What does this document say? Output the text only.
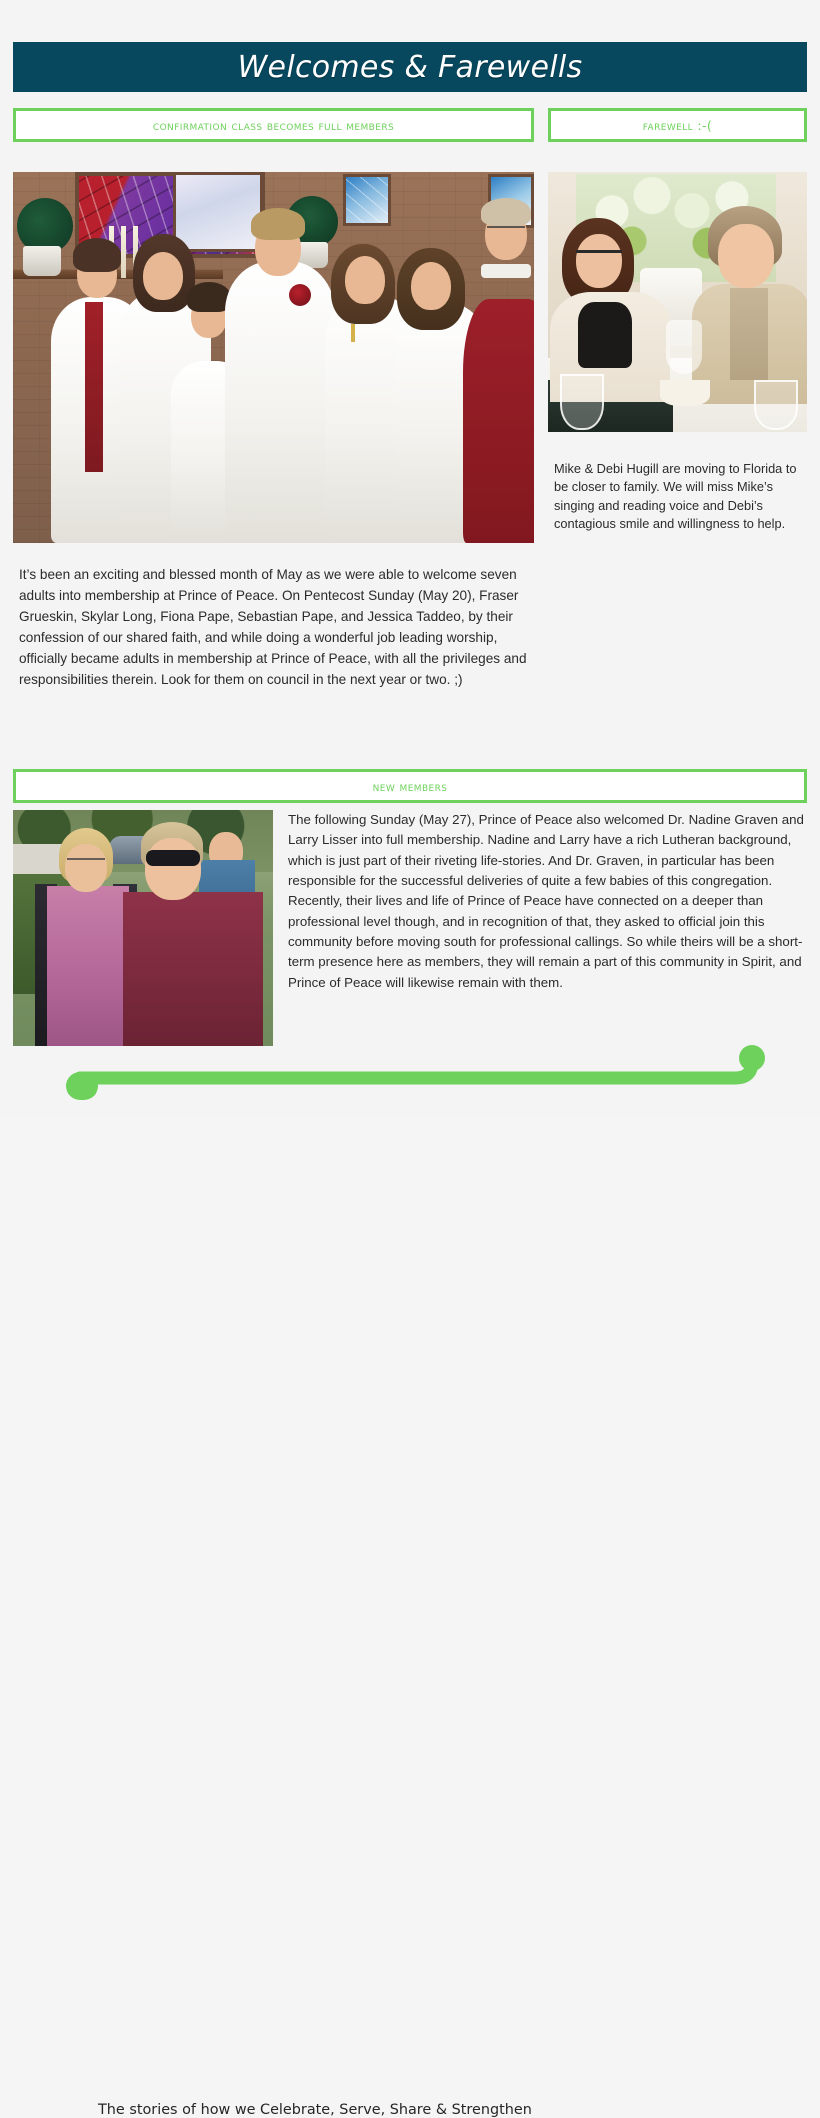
Welcomes & Farewells
confirmation class becomes full members	farewell :-(

Mike & Debi Hugill are moving to Florida to be closer to family. We will miss Mike’s singing and reading voice and Debi’s contagious smile and willingness to help.

It’s been an exciting and blessed month of May as we were able to welcome seven adults into membership at Prince of Peace. On Pentecost Sunday (May 20), Fraser Grueskin, Skylar Long, Fiona Pape, Sebastian Pape, and Jessica Taddeo, by their confession of our shared faith, and while doing a wonderful job leading worship, officially became adults in membership at Prince of Peace, with all the privileges and responsibilities therein. Look for them on council in the next year or two. ;)

new members

The following Sunday (May 27), Prince of Peace also welcomed Dr. Nadine Graven and Larry Lisser into full membership. Nadine and Larry have a rich Lutheran background, which is just part of their riveting life-stories. And Dr. Graven, in particular has been responsible for the successful deliveries of quite a few babies of this congregation. Recently, their lives and life of Prince of Peace have connected on a deeper than professional level though, and in recognition of that, they asked to official join this community before moving south for professional callings. So while theirs will be a short-term presence here as members, they will remain a part of this community in Spirit, and Prince of Peace will likewise remain with them.

The stories of how we Celebrate, Serve, Share & Strengthen
